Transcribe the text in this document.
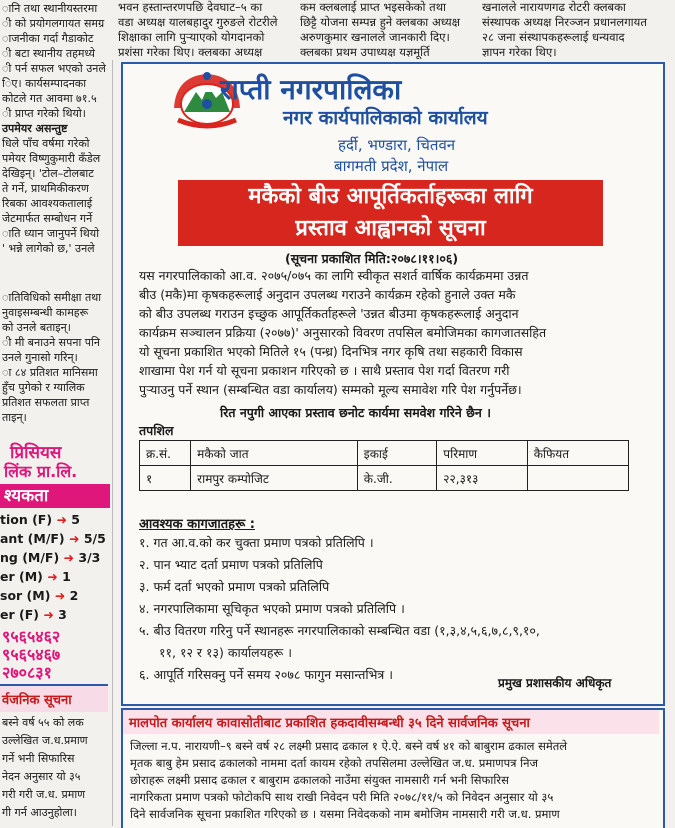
भवन हस्तान्तरणपछि देवघाट–५ का
वडा अध्यक्ष यालबहादुर गुरुङले रोटरीले
शिक्षाका लागि पुऱ्याएको योगदानको
प्रशंसा गरेका थिए। क्लबका अध्यक्ष
कम क्लबलाई प्राप्त भइसकेको तथा
छिट्टै योजना सम्पन्न हुने क्लबका अध्यक्ष
अरुणकुमार खनालले जानकारी दिए।
क्लबका प्रथम उपाध्यक्ष यज्ञमूर्ति
खनालले नारायणगढ रोटरी क्लबका
संस्थापक अध्यक्ष निरञ्जन प्रधानलगायत
२८ जना संस्थापकहरूलाई धन्यवाद
ज्ञापन गरेका थिए।
ानि तथा स्थानीयस्तरमा
ी को प्रयोगलगायत समग्र
ाजनीका गर्दा गैडाकोट
ी बटा स्थानीय तहमध्ये
ी पर्न सफल भएको उनले
िए। कार्यसम्पादनका
कोटले गत आवमा ७१.५
ी प्राप्त गरेको थियो।
उपमेयर असन्तुष्ट
धिले पाँच वर्षमा गरेको
पमेयर विष्णुकुमारी कँडेल
देखिइन्। 'टोल–टोलबाट
ते गर्ने, प्राथमिकीकरण
रिबका आवश्यकतालाई
जेटमार्फत सम्बोधन गर्ने
ाति ध्यान जानुपर्ने थियो
' भन्ने लागेको छ,' उनले
ातिविधिको समीक्षा तथा
नुवाइसम्बन्धी कामहरू
को उनले बताइन्।
ी मी बनाउने सपना पनि
उनले गुनासो गरिन्।
ा ८४ प्रतिशत मानिसमा
हुँच पुगेको र ग्यालिक
प्रतिशत सफलता प्राप्त
ताइन्।
प्रिसियस
लिंक प्रा.लि.
श्यकता
tion (F) ➜ 5
ant (M/F) ➜ 5/5
ng (M/F) ➜ 3/3
er (M) ➜ 1
sor (M) ➜ 2
er (F) ➜ 3
९५६५४६२
९५६५४६७
२७०८३१
र्वजनिक सूचना
बस्ने वर्ष ५५ को लक
उल्लेखित ज.ध.प्रमाण
गर्ने भनी सिफारिस
नेदन अनुसार यो ३५
गरी गरी ज.ध. प्रमाण
गी गर्न आउनुहोला।
राप्ती नगरपालिका
नगर कार्यपालिकाको कार्यालय
हर्दी, भण्डारा, चितवन
बागमती प्रदेश, नेपाल
मकैको बीउ आपूर्तिकर्ताहरूका लागि
प्रस्ताव आह्वानको सूचना
(सूचना प्रकाशित मिति:२०७८।११।०६)
यस नगरपालिकाको आ.व. २०७५/०७५ का लागि स्वीकृत सशर्त वार्षिक कार्यक्रममा उन्नत
बीउ (मकै)मा कृषकहरूलाई अनुदान उपलब्ध गराउने कार्यक्रम रहेको हुनाले उक्त मकै
को बीउ उपलब्ध गराउन इच्छुक आपूर्तिकर्ताहरूले 'उन्नत बीउमा कृषकहरूलाई अनुदान
कार्यक्रम सञ्चालन प्रक्रिया (२०७७)' अनुसारको विवरण तपसिल बमोजिमका कागजातसहित
यो सूचना प्रकाशित भएको मितिले १५ (पन्ध्र) दिनभित्र नगर कृषि तथा सहकारी विकास
शाखामा पेश गर्न यो सूचना प्रकाशन गरिएको छ । साथै प्रस्ताव पेश गर्दा वितरण गरी
पुऱ्याउनु पर्ने स्थान (सम्बन्धित वडा कार्यालय) सम्मको मूल्य समावेश गरि पेश गर्नुपर्नेछ।
रित नपुगी आएका प्रस्ताव छनोट कार्यमा समवेश गरिने छैन ।
तपशिल
क्र.सं.	मकैको जात	इकाई	परिमाण	कैफियत
१	रामपुर कम्पोजिट	के.जी.	२२,३१३	
आवश्यक कागजातहरू :
१. गत आ.व.को कर चुक्ता प्रमाण पत्रको प्रतिलिपि ।
२. पान भ्याट दर्ता प्रमाण पत्रको प्रतिलिपि
३. फर्म दर्ता भएको प्रमाण पत्रको प्रतिलिपि
४. नगरपालिकामा सूचिकृत भएको प्रमाण पत्रको प्रतिलिपि ।
५. बीउ वितरण गरिनु पर्ने स्थानहरू नगरपालिकाको सम्बन्धित वडा (१,३,४,५,६,७,८,९,१०,
११, १२ र १३) कार्यालयहरू ।
६. आपूर्ति गरिसक्नु पर्ने समय २०७८ फागुन मसान्तभित्र ।
प्रमुख प्रशासकीय अधिकृत
मालपोत कार्यालय कावासोतीबाट प्रकाशित हकदावीसम्बन्धी ३५ दिने सार्वजनिक सूचना
जिल्ला न.प. नारायणी–९ बस्ने वर्ष २८ लक्ष्मी प्रसाद ढकाल १ ऐ.ऐ. बस्ने वर्ष ४१ को बाबुराम ढकाल समेतले
मृतक बाबु हेम प्रसाद ढकालको नाममा दर्ता कायम रहेको तपसिलमा उल्लेखित ज.ध. प्रमाणपत्र निज
छोराहरू लक्ष्मी प्रसाद ढकाल र बाबुराम ढकालको नाउँमा संयुक्त नामसारी गर्न भनी सिफारिस
नागरिकता प्रमाण पत्रको फोटोकपि साथ राखी निवेदन परी मिति २०७८/११/५ को निवेदन अनुसार यो ३५
दिने सार्वजनिक सूचना प्रकाशित गरिएको छ । यसमा निवेदकको नाम बमोजिम नामसारी गरी ज.ध. प्रमाण
